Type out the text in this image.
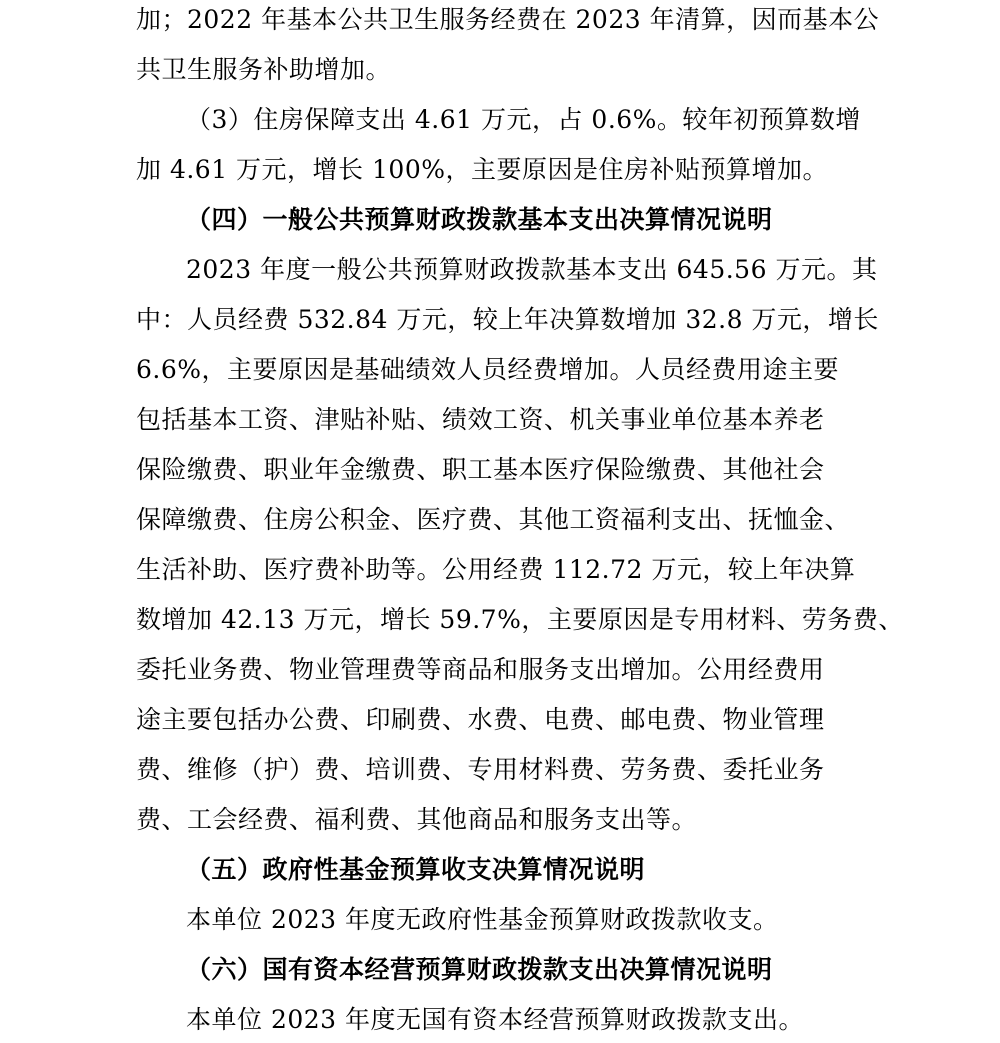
加；2022 年基本公共卫生服务经费在 2023 年清算，因而基本公
共卫生服务补助增加。
（3）住房保障支出 4.61 万元，占 0.6%。较年初预算数增
加 4.61 万元，增长 100%，主要原因是住房补贴预算增加。
（四）一般公共预算财政拨款基本支出决算情况说明
2023 年度一般公共预算财政拨款基本支出 645.56 万元。其
中：人员经费 532.84 万元，较上年决算数增加 32.8 万元，增长
6.6%，主要原因是基础绩效人员经费增加。人员经费用途主要
包括基本工资、津贴补贴、绩效工资、机关事业单位基本养老
保险缴费、职业年金缴费、职工基本医疗保险缴费、其他社会
保障缴费、住房公积金、医疗费、其他工资福利支出、抚恤金、
生活补助、医疗费补助等。公用经费 112.72 万元，较上年决算
数增加 42.13 万元，增长 59.7%，主要原因是专用材料、劳务费、
委托业务费、物业管理费等商品和服务支出增加。公用经费用
途主要包括办公费、印刷费、水费、电费、邮电费、物业管理
费、维修（护）费、培训费、专用材料费、劳务费、委托业务
费、工会经费、福利费、其他商品和服务支出等。
（五）政府性基金预算收支决算情况说明
本单位 2023 年度无政府性基金预算财政拨款收支。
（六）国有资本经营预算财政拨款支出决算情况说明
本单位 2023 年度无国有资本经营预算财政拨款支出。
